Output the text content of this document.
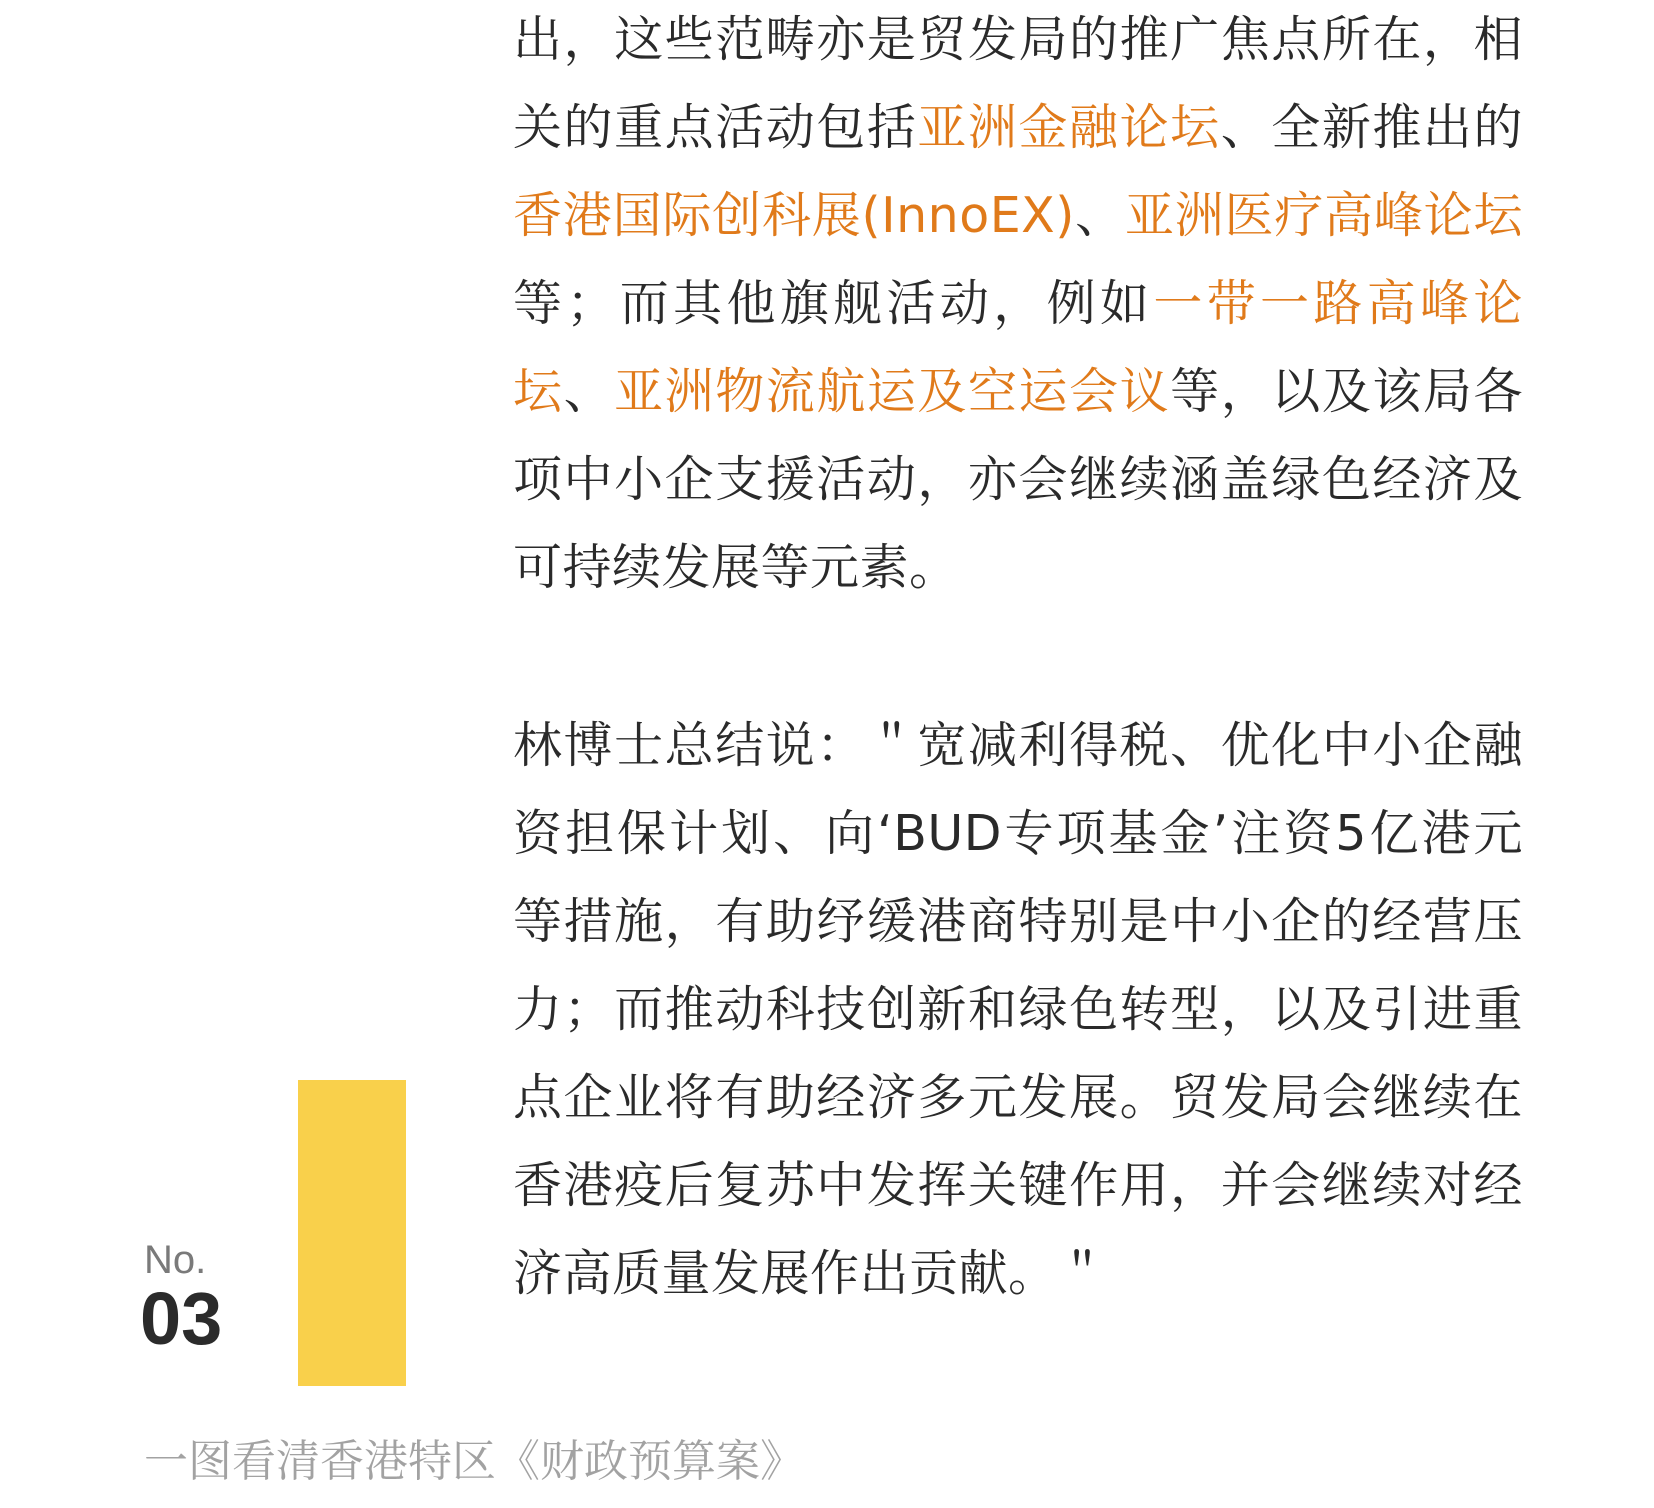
出，这些范畴亦是贸发局的推广焦点所在，相关的重点活动包括亚洲金融论坛、全新推出的香港国际创科展(InnoEX)、亚洲医疗高峰论坛等；而其他旗舰活动，例如一带一路高峰论坛、亚洲物流航运及空运会议等，以及该局各项中小企支援活动，亦会继续涵盖绿色经济及可持续发展等元素。

林博士总结说：＂宽减利得税、优化中小企融资担保计划、向‘BUD专项基金’注资5亿港元等措施，有助纾缓港商特别是中小企的经营压力；而推动科技创新和绿色转型，以及引进重点企业将有助经济多元发展。贸发局会继续在香港疫后复苏中发挥关键作用，并会继续对经济高质量发展作出贡献。＂

No.

03

一图看清香港特区《财政预算案》
